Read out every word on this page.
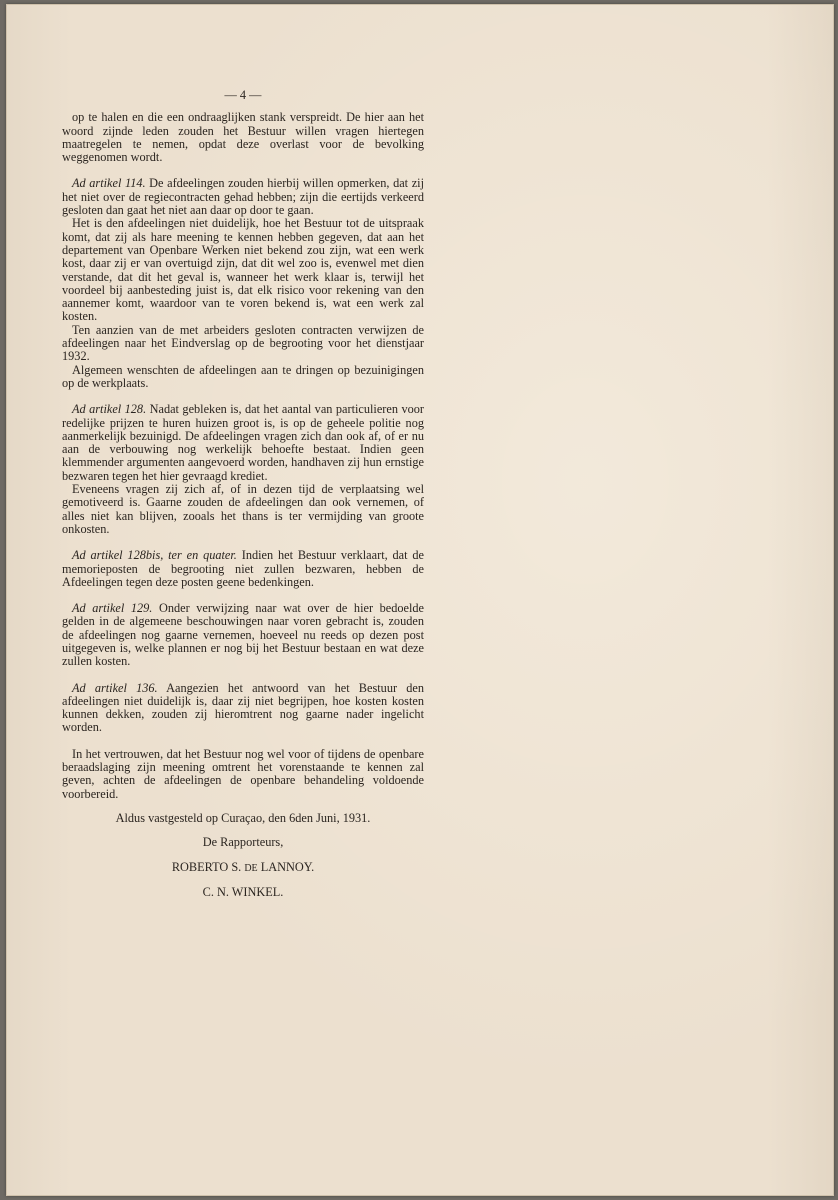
— 4 —

op te halen en die een ondraaglijken stank verspreidt. De hier aan het woord zijnde leden zouden het Bestuur willen vragen hiertegen maatregelen te nemen, opdat deze overlast voor de bevolking weggenomen wordt.

Ad artikel 114. De afdeelingen zouden hierbij willen opmerken, dat zij het niet over de regiecontracten gehad hebben; zijn die eertijds verkeerd gesloten dan gaat het niet aan daar op door te gaan.

Het is den afdeelingen niet duidelijk, hoe het Bestuur tot de uitspraak komt, dat zij als hare meening te kennen hebben gegeven, dat aan het departement van Openbare Werken niet bekend zou zijn, wat een werk kost, daar zij er van overtuigd zijn, dat dit wel zoo is, evenwel met dien verstande, dat dit het geval is, wanneer het werk klaar is, terwijl het voordeel bij aanbesteding juist is, dat elk risico voor rekening van den aannemer komt, waardoor van te voren bekend is, wat een werk zal kosten.

Ten aanzien van de met arbeiders gesloten contracten verwijzen de afdeelingen naar het Eindverslag op de begrooting voor het dienstjaar 1932.

Algemeen wenschten de afdeelingen aan te dringen op bezuinigingen op de werkplaats.

Ad artikel 128. Nadat gebleken is, dat het aantal van particulieren voor redelijke prijzen te huren huizen groot is, is op de geheele politie nog aanmerkelijk bezuinigd. De afdeelingen vragen zich dan ook af, of er nu aan de verbouwing nog werkelijk behoefte bestaat. Indien geen klemmender argumenten aangevoerd worden, handhaven zij hun ernstige bezwaren tegen het hier gevraagd krediet.

Eveneens vragen zij zich af, of in dezen tijd de verplaatsing wel gemotiveerd is. Gaarne zouden de afdeelingen dan ook vernemen, of alles niet kan blijven, zooals het thans is ter vermijding van groote onkosten.

Ad artikel 128bis, ter en quater. Indien het Bestuur verklaart, dat de memorieposten de begrooting niet zullen bezwaren, hebben de Afdeelingen tegen deze posten geene bedenkingen.

Ad artikel 129. Onder verwijzing naar wat over de hier bedoelde gelden in de algemeene beschouwingen naar voren gebracht is, zouden de afdeelingen nog gaarne vernemen, hoeveel nu reeds op dezen post uitgegeven is, welke plannen er nog bij het Bestuur bestaan en wat deze zullen kosten.

Ad artikel 136. Aangezien het antwoord van het Bestuur den afdeelingen niet duidelijk is, daar zij niet begrijpen, hoe kosten kosten kunnen dekken, zouden zij hieromtrent nog gaarne nader ingelicht worden.

In het vertrouwen, dat het Bestuur nog wel voor of tijdens de openbare beraadslaging zijn meening omtrent het vorenstaande te kennen zal geven, achten de afdeelingen de openbare behandeling voldoende voorbereid.

Aldus vastgesteld op Curaçao, den 6den Juni, 1931.

De Rapporteurs,

ROBERTO S. DE LANNOY.

C. N. WINKEL.
